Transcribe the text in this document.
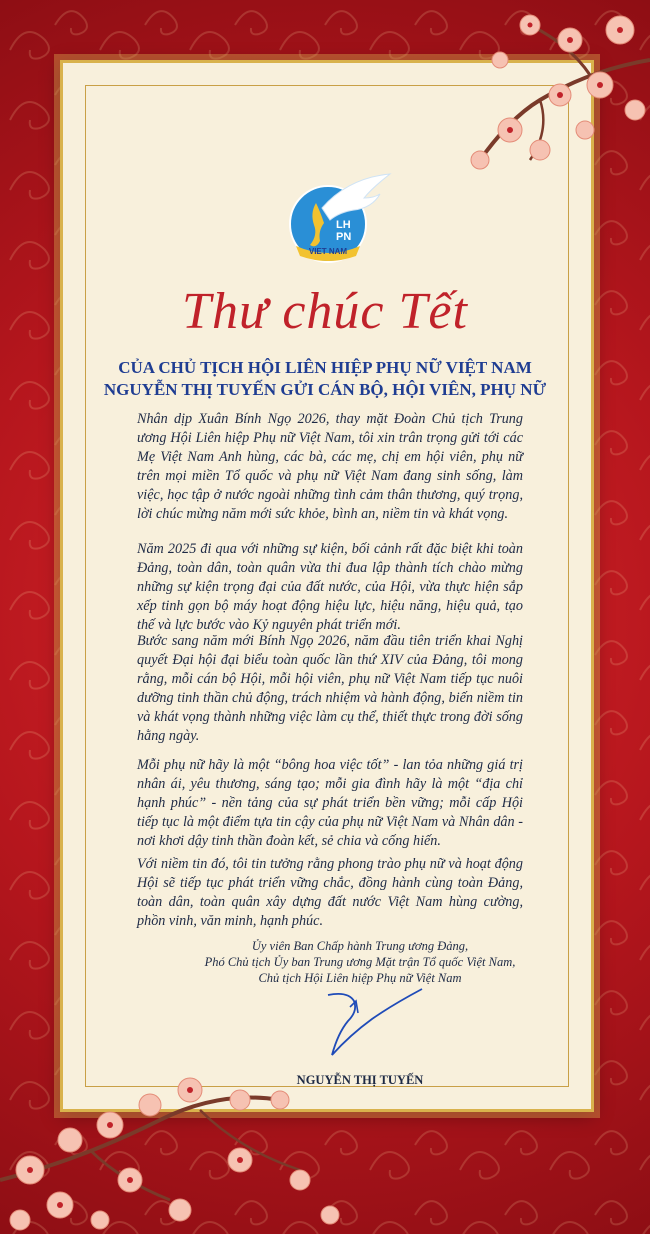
LH
PN
VIET NAM
Thư chúc Tết
CỦA CHỦ TỊCH HỘI LIÊN HIỆP PHỤ NỮ VIỆT NAM
NGUYỄN THỊ TUYẾN GỬI CÁN BỘ, HỘI VIÊN, PHỤ NỮ

Nhân dịp Xuân Bính Ngọ 2026, thay mặt Đoàn Chủ tịch Trung ương Hội Liên hiệp Phụ nữ Việt Nam, tôi xin trân trọng gửi tới các Mẹ Việt Nam Anh hùng, các bà, các mẹ, chị em hội viên, phụ nữ trên mọi miền Tổ quốc và phụ nữ Việt Nam đang sinh sống, làm việc, học tập ở nước ngoài những tình cảm thân thương, quý trọng, lời chúc mừng năm mới sức khỏe, bình an, niềm tin và khát vọng.

Năm 2025 đi qua với những sự kiện, bối cảnh rất đặc biệt khi toàn Đảng, toàn dân, toàn quân vừa thi đua lập thành tích chào mừng những sự kiện trọng đại của đất nước, của Hội, vừa thực hiện sắp xếp tinh gọn bộ máy hoạt động hiệu lực, hiệu năng, hiệu quả, tạo thế và lực bước vào Kỷ nguyên phát triển mới.

Bước sang năm mới Bính Ngọ 2026, năm đầu tiên triển khai Nghị quyết Đại hội đại biểu toàn quốc lần thứ XIV của Đảng, tôi mong rằng, mỗi cán bộ Hội, mỗi hội viên, phụ nữ Việt Nam tiếp tục nuôi dưỡng tinh thần chủ động, trách nhiệm và hành động, biến niềm tin và khát vọng thành những việc làm cụ thể, thiết thực trong đời sống hằng ngày.

Mỗi phụ nữ hãy là một “bông hoa việc tốt” - lan tỏa những giá trị nhân ái, yêu thương, sáng tạo; mỗi gia đình hãy là một “địa chỉ hạnh phúc” - nền tảng của sự phát triển bền vững; mỗi cấp Hội tiếp tục là một điểm tựa tin cậy của phụ nữ Việt Nam và Nhân dân - nơi khơi dậy tinh thần đoàn kết, sẻ chia và cống hiến.

Với niềm tin đó, tôi tin tưởng rằng phong trào phụ nữ và hoạt động Hội sẽ tiếp tục phát triển vững chắc, đồng hành cùng toàn Đảng, toàn dân, toàn quân xây dựng đất nước Việt Nam hùng cường, phồn vinh, văn minh, hạnh phúc.

Ủy viên Ban Chấp hành Trung ương Đảng,
Phó Chủ tịch Ủy ban Trung ương Mặt trận Tổ quốc Việt Nam,
Chủ tịch Hội Liên hiệp Phụ nữ Việt Nam
NGUYỄN THỊ TUYẾN
